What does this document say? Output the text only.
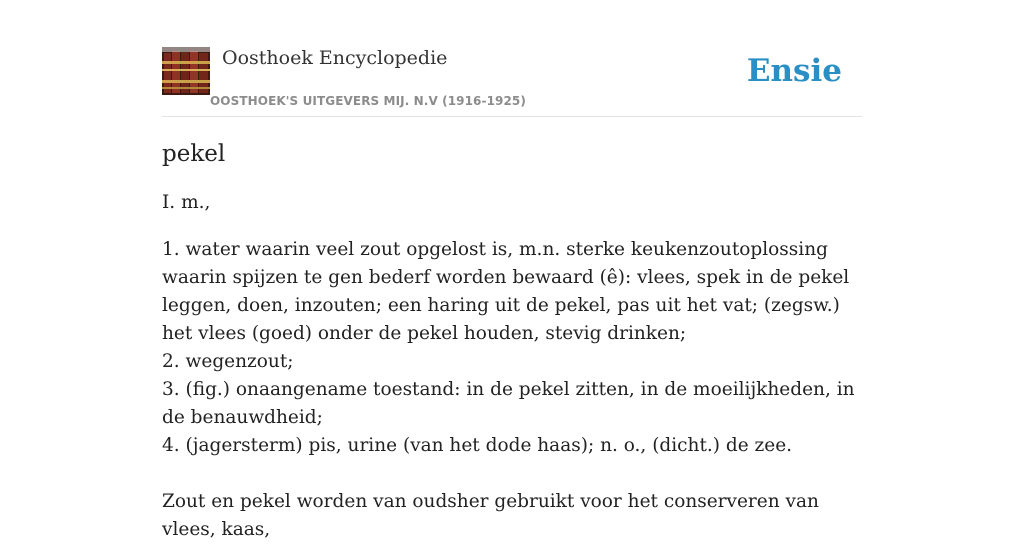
Oosthoek Encyclopedie
OOSTHOEK'S UITGEVERS MIJ. N.V (1916-1925)
Ensie
pekel

I. m.,

1. water waarin veel zout opgelost is, m.n. sterke keukenzoutoplossing waarin spijzen te gen bederf worden bewaard (ê): vlees, spek in de pekel leggen, doen, inzouten; een haring uit de pekel, pas uit het vat; (zegsw.) het vlees (goed) onder de pekel houden, stevig drinken;
2. wegenzout;
3. (fig.) onaangename toestand: in de pekel zitten, in de moeilijkheden, in de benauwdheid;
4. (jagersterm) pis, urine (van het dode haas); n. o., (dicht.) de zee.

Zout en pekel worden van oudsher gebruikt voor het conserveren van vlees, kaas,
